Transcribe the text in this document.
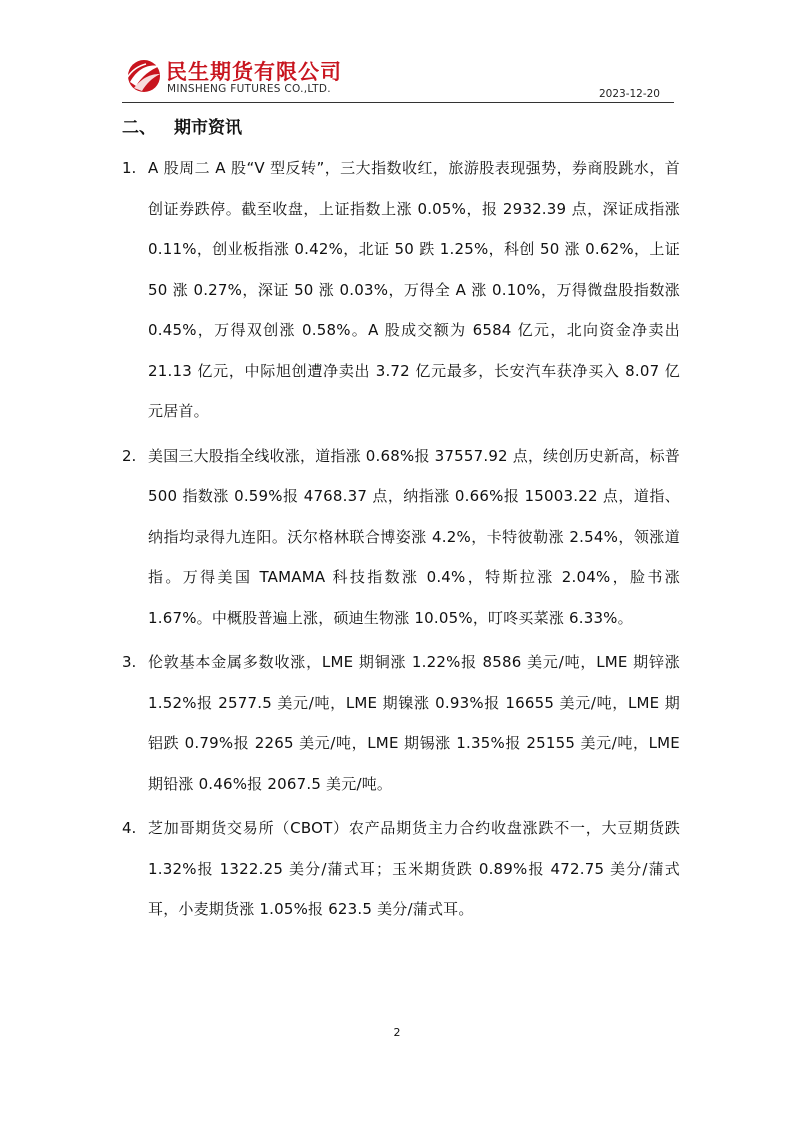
民生期货有限公司
MINSHENG FUTURES CO.,LTD.	2023-12-20
二、 期市资讯
1. A 股周二 A 股“V 型反转”，三大指数收红，旅游股表现强势，券商股跳水，首创证券跌停。截至收盘，上证指数上涨 0.05%，报 2932.39 点，深证成指涨 0.11%，创业板指涨 0.42%，北证 50 跌 1.25%，科创 50 涨 0.62%，上证 50 涨 0.27%，深证 50 涨 0.03%，万得全 A 涨 0.10%，万得微盘股指数涨 0.45%，万得双创涨 0.58%。A 股成交额为 6584 亿元，北向资金净卖出 21.13 亿元，中际旭创遭净卖出 3.72 亿元最多，长安汽车获净买入 8.07 亿元居首。
2. 美国三大股指全线收涨，道指涨 0.68%报 37557.92 点，续创历史新高，标普 500 指数涨 0.59%报 4768.37 点，纳指涨 0.66%报 15003.22 点，道指、纳指均录得九连阳。沃尔格林联合博姿涨 4.2%，卡特彼勒涨 2.54%，领涨道指。万得美国 TAMAMA 科技指数涨 0.4%，特斯拉涨 2.04%，脸书涨 1.67%。中概股普遍上涨，硕迪生物涨 10.05%，叮咚买菜涨 6.33%。
3. 伦敦基本金属多数收涨，LME 期铜涨 1.22%报 8586 美元/吨，LME 期锌涨 1.52%报 2577.5 美元/吨，LME 期镍涨 0.93%报 16655 美元/吨，LME 期铝跌 0.79%报 2265 美元/吨，LME 期锡涨 1.35%报 25155 美元/吨，LME 期铅涨 0.46%报 2067.5 美元/吨。
4. 芝加哥期货交易所（CBOT）农产品期货主力合约收盘涨跌不一，大豆期货跌 1.32%报 1322.25 美分/蒲式耳；玉米期货跌 0.89%报 472.75 美分/蒲式耳，小麦期货涨 1.05%报 623.5 美分/蒲式耳。
2
